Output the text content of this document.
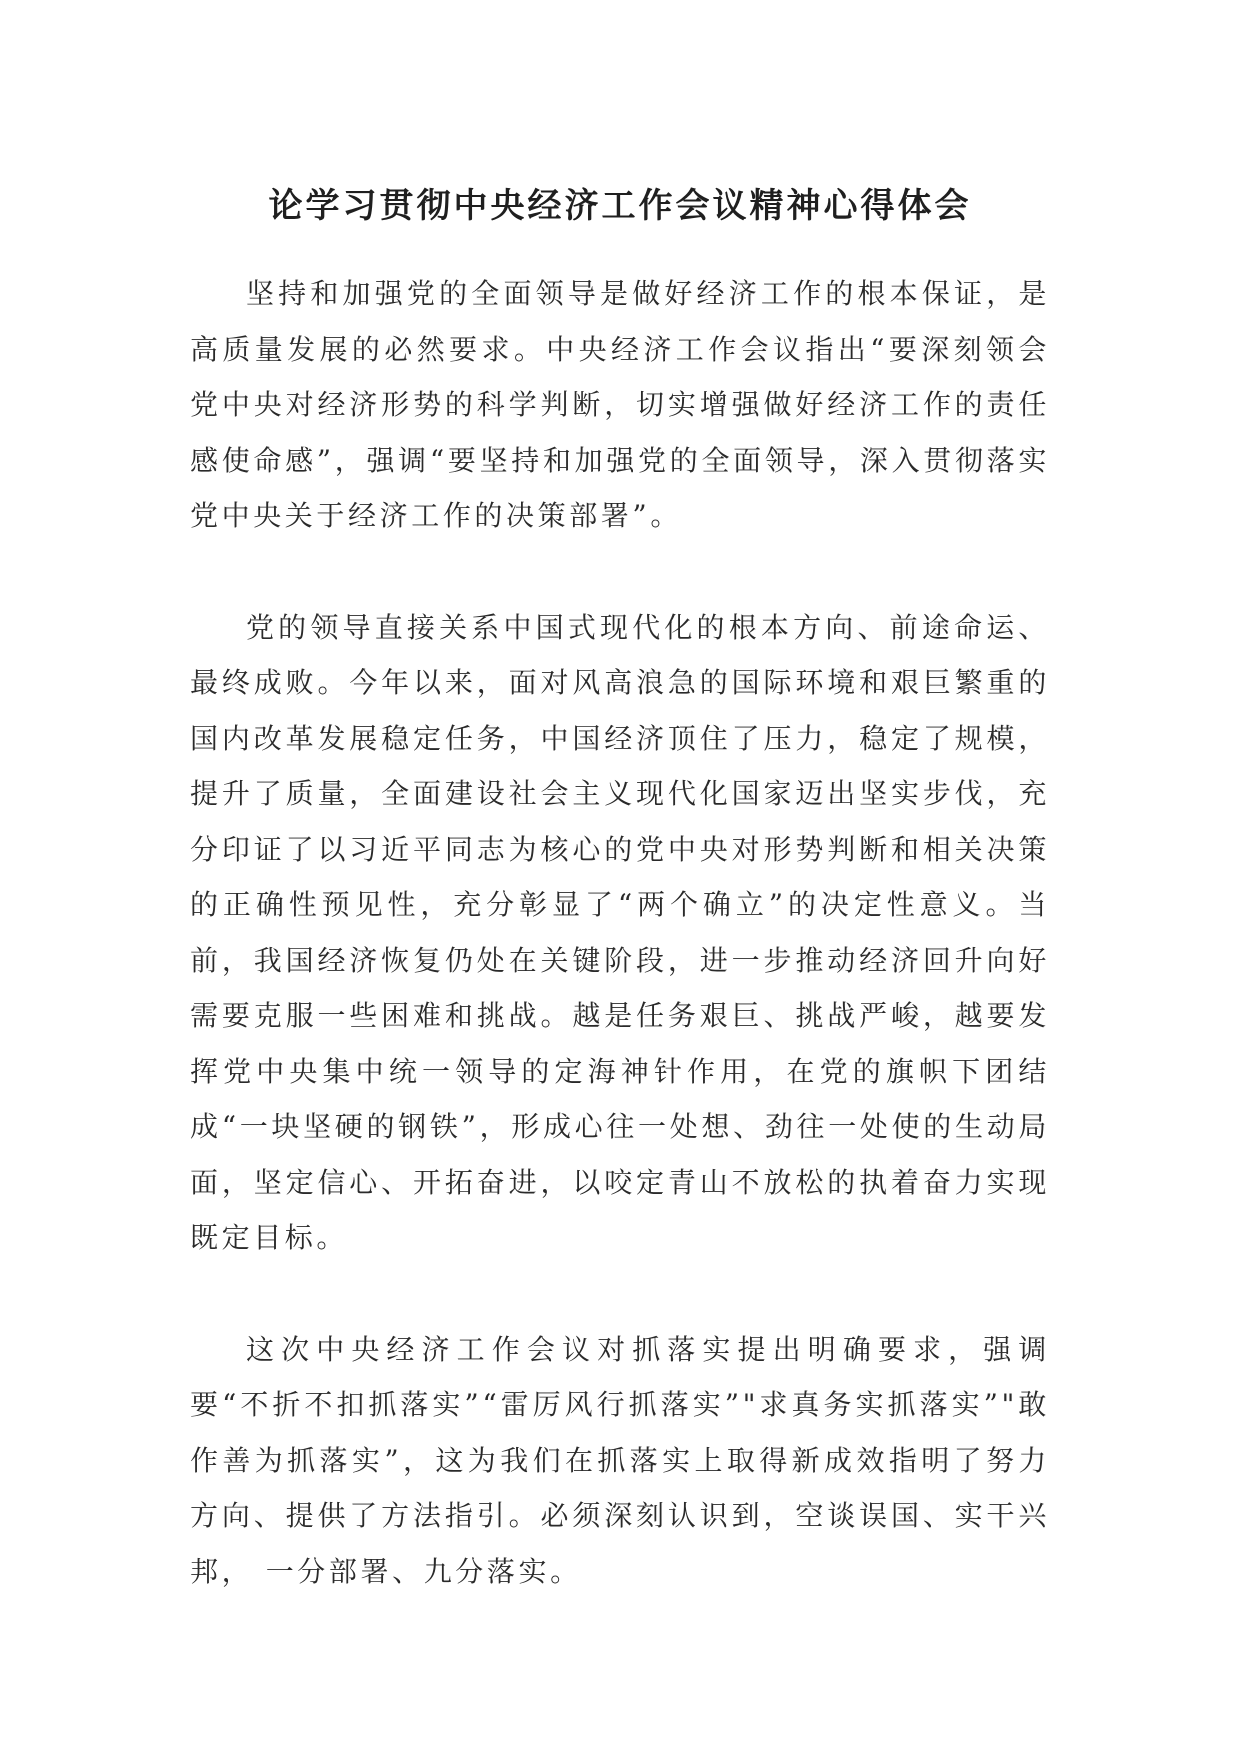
论学习贯彻中央经济工作会议精神心得体会

坚持和加强党的全面领导是做好经济工作的根本保证，是高质量发展的必然要求。中央经济工作会议指出“要深刻领会党中央对经济形势的科学判断，切实增强做好经济工作的责任感使命感”，强调“要坚持和加强党的全面领导，深入贯彻落实党中央关于经济工作的决策部署”。

党的领导直接关系中国式现代化的根本方向、前途命运、最终成败。今年以来，面对风高浪急的国际环境和艰巨繁重的国内改革发展稳定任务，中国经济顶住了压力，稳定了规模，提升了质量，全面建设社会主义现代化国家迈出坚实步伐，充分印证了以习近平同志为核心的党中央对形势判断和相关决策的正确性预见性，充分彰显了“两个确立”的决定性意义。当前，我国经济恢复仍处在关键阶段，进一步推动经济回升向好需要克服一些困难和挑战。越是任务艰巨、挑战严峻，越要发挥党中央集中统一领导的定海神针作用，在党的旗帜下团结成“一块坚硬的钢铁”，形成心往一处想、劲往一处使的生动局面，坚定信心、开拓奋进，以咬定青山不放松的执着奋力实现既定目标。

这次中央经济工作会议对抓落实提出明确要求，强调要“不折不扣抓落实”“雷厉风行抓落实”"求真务实抓落实”"敢作善为抓落实”，这为我们在抓落实上取得新成效指明了努力方向、提供了方法指引。必须深刻认识到，空谈误国、实干兴邦， 一分部署、九分落实。
